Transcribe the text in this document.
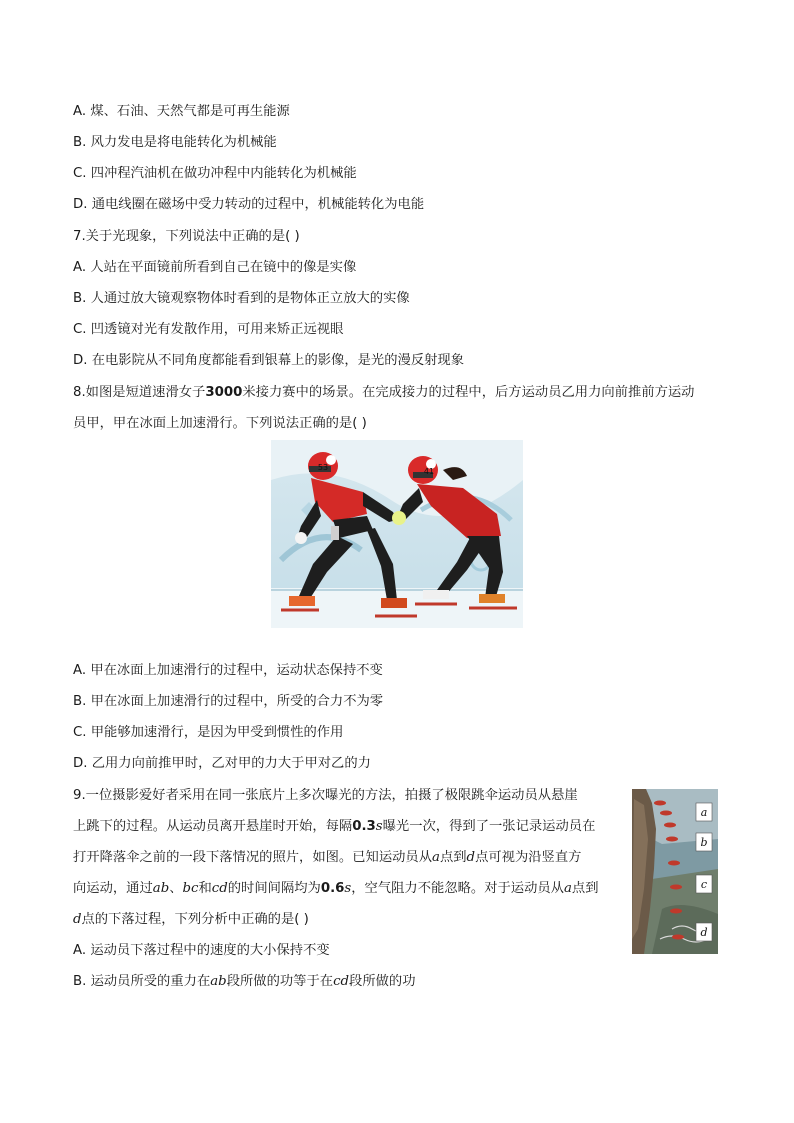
A. 煤、石油、天然气都是可再生能源
B. 风力发电是将电能转化为机械能
C. 四冲程汽油机在做功冲程中内能转化为机械能
D. 通电线圈在磁场中受力转动的过程中，机械能转化为电能
7.关于光现象，下列说法中正确的是( )
A. 人站在平面镜前所看到自己在镜中的像是实像
B. 人通过放大镜观察物体时看到的是物体正立放大的实像
C. 凹透镜对光有发散作用，可用来矫正远视眼
D. 在电影院从不同角度都能看到银幕上的影像，是光的漫反射现象
8.如图是短道速滑女子3000米接力赛中的场景。在完成接力的过程中，后方运动员乙用力向前推前方运动
员甲，甲在冰面上加速滑行。下列说法正确的是( )
53	41
A. 甲在冰面上加速滑行的过程中，运动状态保持不变
B. 甲在冰面上加速滑行的过程中，所受的合力不为零
C. 甲能够加速滑行，是因为甲受到惯性的作用
D. 乙用力向前推甲时，乙对甲的力大于甲对乙的力
9.一位摄影爱好者采用在同一张底片上多次曝光的方法，拍摄了极限跳伞运动员从悬崖
上跳下的过程。从运动员离开悬崖时开始，每隔0.3s曝光一次，得到了一张记录运动员在
打开降落伞之前的一段下落情况的照片，如图。已知运动员从a点到d点可视为沿竖直方
向运动，通过ab、bc和cd的时间间隔均为0.6s，空气阻力不能忽略。对于运动员从a点到
d点的下落过程，下列分析中正确的是( )
A. 运动员下落过程中的速度的大小保持不变
B. 运动员所受的重力在ab段所做的功等于在cd段所做的功
a
b
c
d
